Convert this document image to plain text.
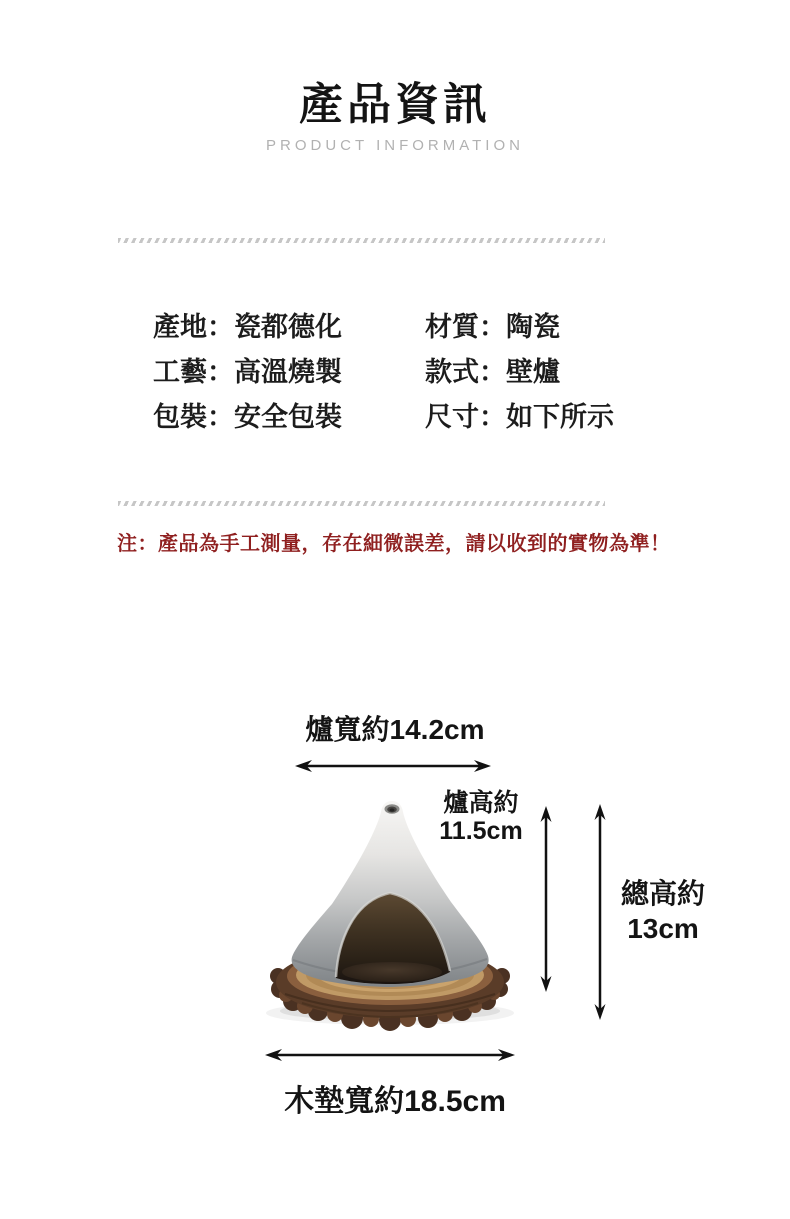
產品資訊
PRODUCT INFORMATION
產地：瓷都德化	材質：陶瓷
工藝：高溫燒製	款式：壁爐
包裝：安全包裝	尺寸：如下所示
注：產品為手工測量，存在細微誤差，請以收到的實物為準！
爐寬約14.2cm
爐高約
11.5cm
總高約
13cm
木墊寬約18.5cm
